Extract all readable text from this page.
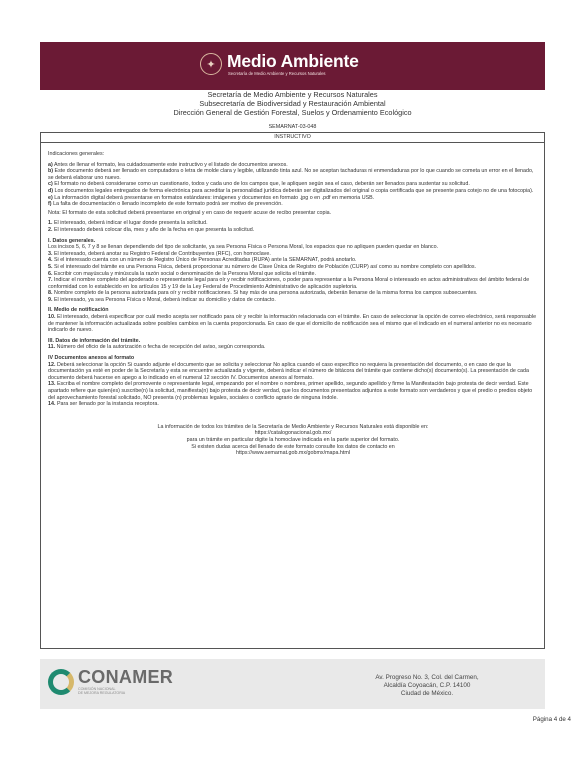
✦ Medio Ambiente
Secretaría de Medio Ambiente y Recursos Naturales
Secretaría de Medio Ambiente y Recursos Naturales
Subsecretaría de Biodiversidad y Restauración Ambiental
Dirección General de Gestión Forestal, Suelos y Ordenamiento Ecológico
SEMARNAT-03-048
INSTRUCTIVO

Indicaciones generales:

a) Antes de llenar el formato, lea cuidadosamente este instructivo y el listado de documentos anexos.

b) Este documento deberá ser llenado en computadora o letra de molde clara y legible, utilizando tinta azul. No se aceptan tachaduras ni enmendaduras por lo que cuando se cometa un error en el llenado, se deberá elaborar uno nuevo.

c) El formato no deberá considerarse como un cuestionario, todos y cada uno de los campos que, le apliquen según sea el caso, deberán ser llenados para sustentar su solicitud.

d) Los documentos legales entregados de forma electrónica para acreditar la personalidad jurídica deberán ser digitalizados del original o copia certificada que se presente para cotejo no de una fotocopia).

e) La información digital deberá presentarse en formatos estándares: imágenes y documentos en formato .jpg o en .pdf en memoria USB.

f) La falta de documentación o llenado incompleto de este formato podrá ser motivo de prevención.

Nota: El formato de esta solicitud deberá presentarse en original y en caso de requerir acuse de recibo presentar copia.

1. El interesado, deberá indicar el lugar donde presenta la solicitud.

2. El interesado deberá colocar día, mes y año de la fecha en que presenta la solicitud.

I. Datos generales.

Los incisos 5, 6, 7 y 8 se llenan dependiendo del tipo de solicitante, ya sea Persona Física o Persona Moral, los espacios que no apliquen pueden quedar en blanco.

3. El interesado, deberá anotar su Registro Federal de Contribuyentes (RFC), con homoclave.

4. Si el interesado cuenta con un número de Registro Único de Personas Acreditadas (RUPA) ante la SEMARNAT, podrá anotarlo.

5. Si el interesado del trámite es una Persona Física, deberá proporcionar su número de Clave Única de Registro de Población (CURP) así como su nombre completo con apellidos.

6. Escribir con mayúscula y minúscula la razón social o denominación de la Persona Moral que solicita el trámite.

7. Indicar el nombre completo del apoderado o representante legal para oír y recibir notificaciones, o poder para representar a la Persona Moral o interesado en actos administrativos del ámbito federal de conformidad con lo establecido en los artículos 15 y 19 de la Ley Federal de Procedimiento Administrativo de aplicación supletoria.

8. Nombre completo de la persona autorizada para oír y recibir notificaciones. Si hay más de una persona autorizada, deberán llenarse de la misma forma los campos subsecuentes.

9. El interesado, ya sea Persona Física o Moral, deberá indicar su domicilio y datos de contacto.

II. Medio de notificación

10. El interesado, deberá especificar por cuál medio acepta ser notificado para oír y recibir la información relacionada con el trámite. En caso de seleccionar la opción de correo electrónico, será responsable de mantener la información actualizada sobre posibles cambios en la cuenta proporcionada. En caso de que el domicilio de notificación sea el mismo que el indicado en el numeral anterior no es necesario indicarlo de nuevo.

III. Datos de información del trámite.

11. Número del oficio de la autorización o fecha de recepción del aviso, según corresponda.

IV Documentos anexos al formato

12. Deberá seleccionar la opción Si cuando adjunte el documento que se solicita y seleccionar No aplica cuando el caso específico no requiera la presentación del documento, o en caso de que la documentación ya esté en poder de la Secretaría y esta se encuentre actualizada y vigente, deberá indicar el número de bitácora del trámite que contiene dicho(s) documento(s). La presentación de cada documento deberá hacerse en apego a lo indicado en el numeral 12 sección IV. Documentos anexos al formato.

13. Escriba el nombre completo del promovente o representante legal, empezando por el nombre o nombres, primer apellido, segundo apellido y firme la Manifestación bajo protesta de decir verdad. Este apartado refiere que quien(es) suscribe(n) la solicitud, manifiesta(n) bajo protesta de decir verdad, que los documentos presentados adjuntos a este formato son verdaderos y que el predio o predios objeto del aprovechamiento forestal solicitado, NO presenta (n) problemas legales, sociales o conflicto agrario de ninguna índole.

14. Para ser llenado por la instancia receptora.

La información de todos los trámites de la Secretaría de Medio Ambiente y Recursos Naturales está disponible en:

https://catalogonacional.gob.mx/

para un trámite en particular digite la homoclave indicada en la parte superior del formato.

Si existen dudas acerca del llenado de este formato consulte los datos de contacto en

https://www.semarnat.gob.mx/gobmx/mapa.html

CONAMER
COMISIÓN NACIONAL
DE MEJORA REGULATORIA
Av. Progreso No. 3, Col. del Carmen,
Alcaldía Coyoacán, C.P. 14100
Ciudad de México.
Página 4 de 4
